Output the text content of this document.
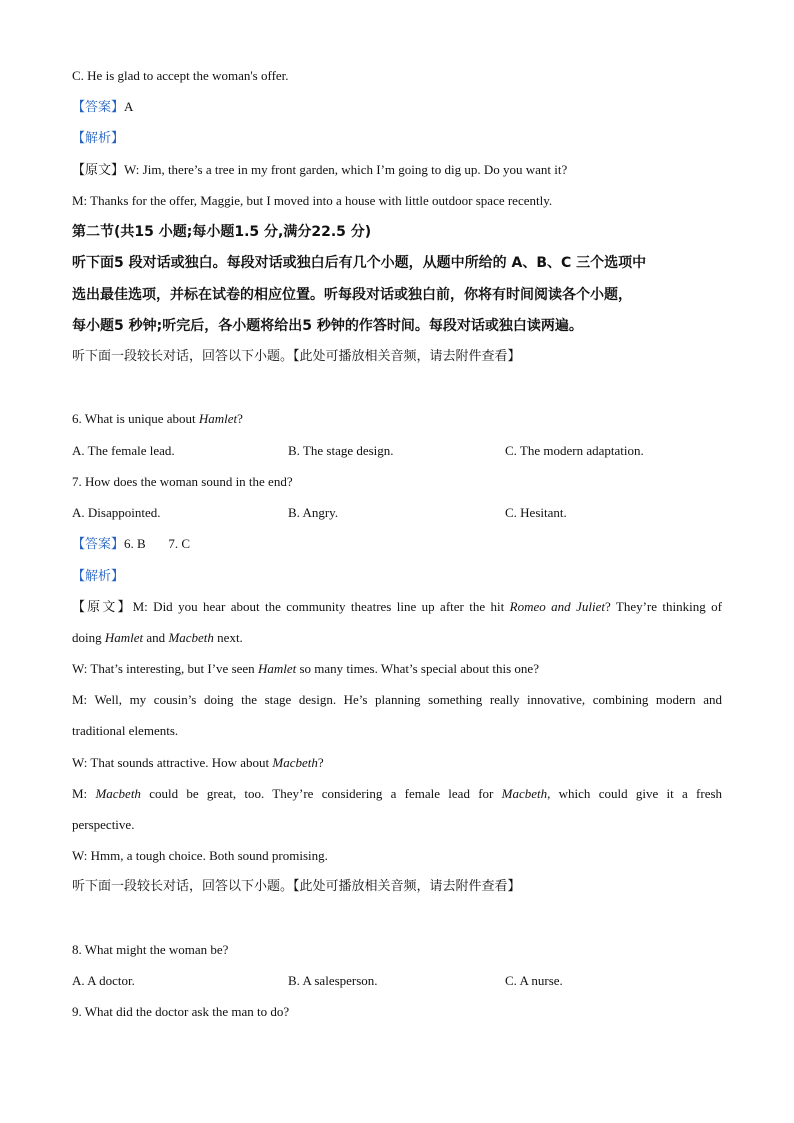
C. He is glad to accept the woman's offer.
【答案】A
【解析】
【原文】W: Jim, there’s a tree in my front garden, which I’m going to dig up. Do you want it?
M: Thanks for the offer, Maggie, but I moved into a house with little outdoor space recently.
第二节(共15 小题;每小题1.5 分,满分22.5 分)
听下面5 段对话或独白。每段对话或独白后有几个小题，从题中所给的 A、B、C 三个选项中
选出最佳选项，并标在试卷的相应位置。听每段对话或独白前，你将有时间阅读各个小题，
每小题5 秒钟;听完后，各小题将给出5 秒钟的作答时间。每段对话或独白读两遍。
听下面一段较长对话，回答以下小题。【此处可播放相关音频，请去附件查看】
6. What is unique about Hamlet?
A. The female lead.	B. The stage design.	C. The modern adaptation.
7. How does the woman sound in the end?
A. Disappointed.	B. Angry.	C. Hesitant.
【答案】6. B       7. C
【解析】
【原文】M: Did you hear about the community theatres line up after the hit Romeo and Juliet? They’re thinking of
doing Hamlet and Macbeth next.
W: That’s interesting, but I’ve seen Hamlet so many times. What’s special about this one?
M: Well, my cousin’s doing the stage design. He’s planning something really innovative, combining modern and
traditional elements.
W: That sounds attractive. How about Macbeth?
M: Macbeth could be great, too. They’re considering a female lead for Macbeth, which could give it a fresh
perspective.
W: Hmm, a tough choice. Both sound promising.
听下面一段较长对话，回答以下小题。【此处可播放相关音频，请去附件查看】
8. What might the woman be?
A. A doctor.	B. A salesperson.	C. A nurse.
9. What did the doctor ask the man to do?
